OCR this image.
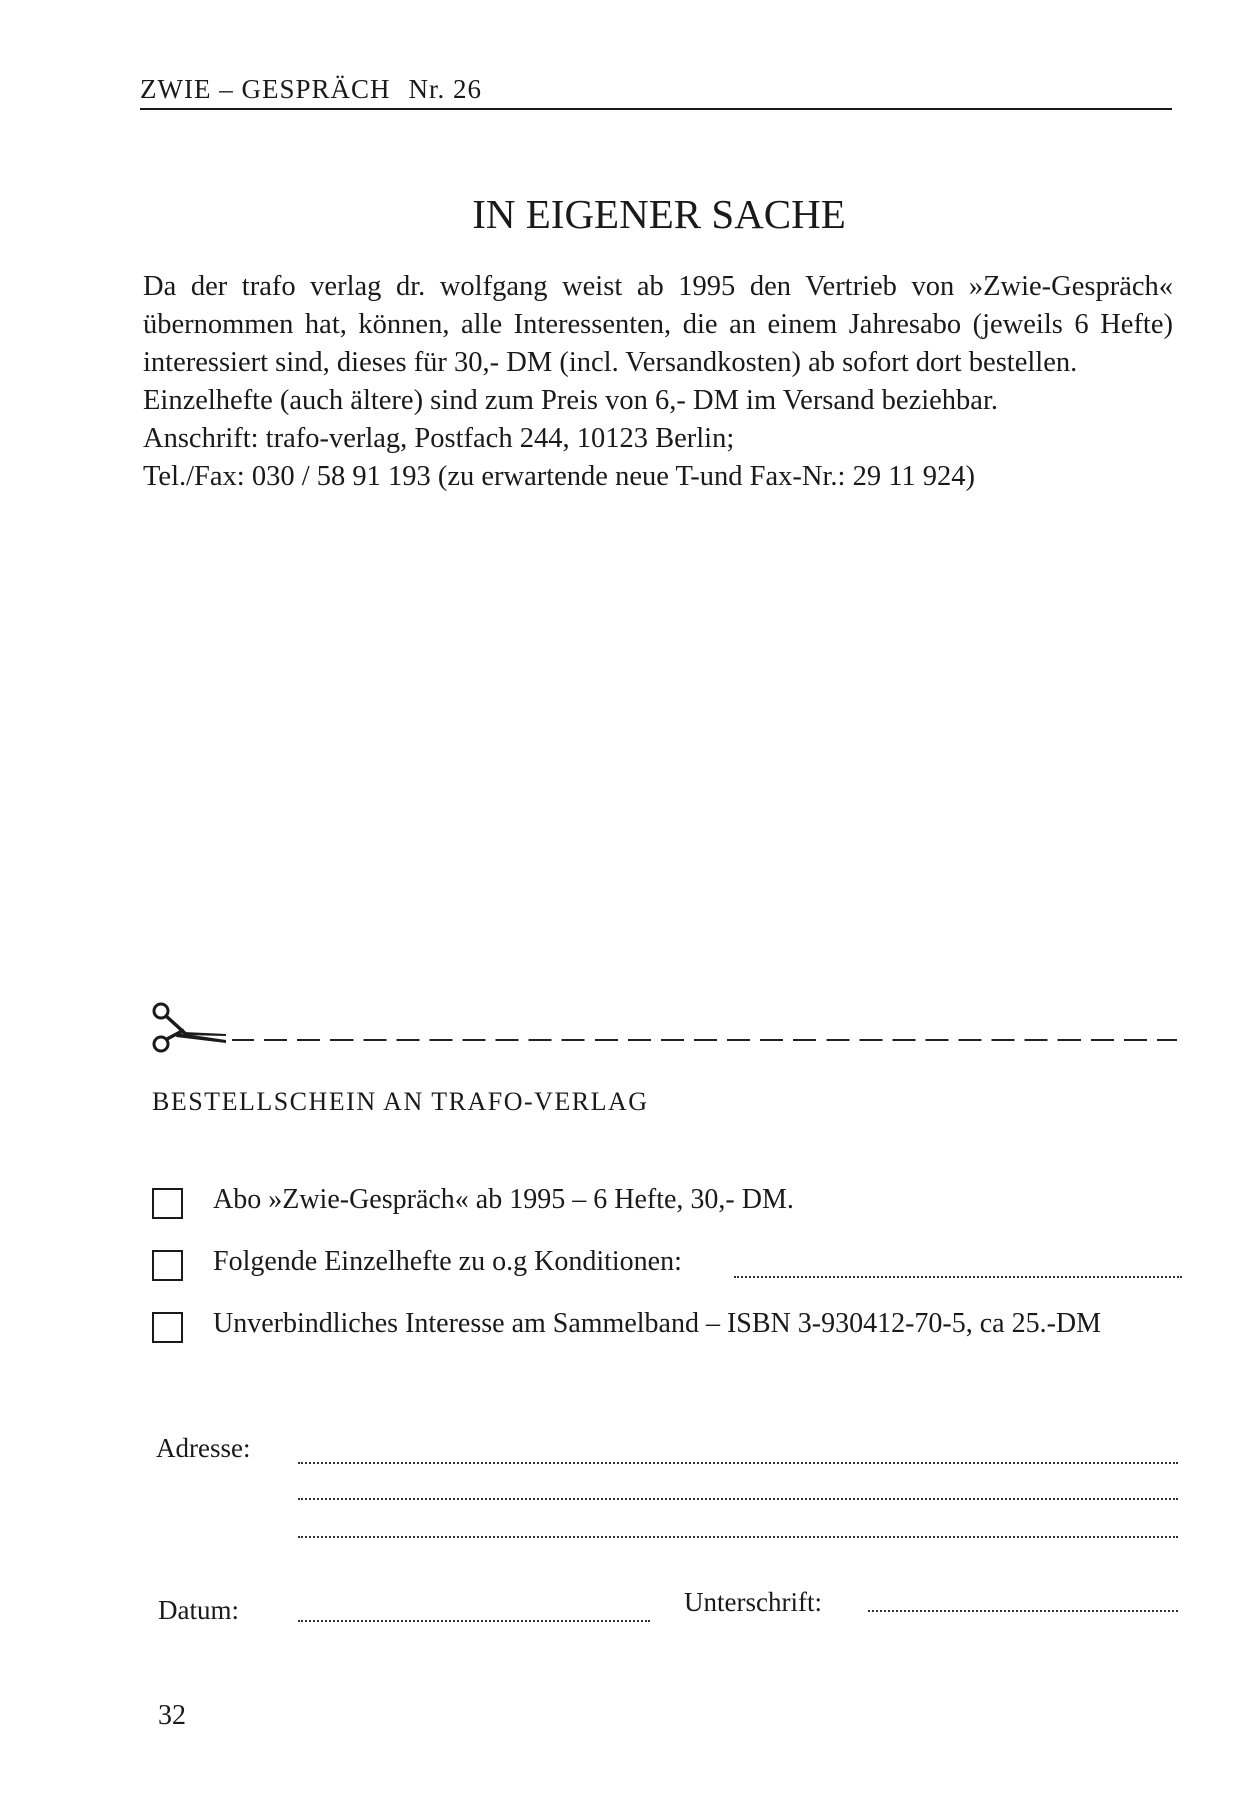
ZWIE – GESPRÄCH Nr. 26
IN EIGENER SACHE

Da der trafo verlag dr. wolfgang weist ab 1995 den Vertrieb von »Zwie-Gespräch« übernommen hat, können, alle Interessenten, die an einem Jahresabo (jeweils 6 Hefte) interessiert sind, dieses für 30,- DM (incl. Versandkosten) ab sofort dort bestellen.

Einzelhefte (auch ältere) sind zum Preis von 6,- DM im Versand beziehbar.

Anschrift: trafo-verlag, Postfach 244, 10123 Berlin;

Tel./Fax: 030 / 58 91 193 (zu erwartende neue T-und Fax-Nr.: 29 11 924)

BESTELLSCHEIN AN TRAFO-VERLAG
Abo »Zwie-Gespräch« ab 1995 – 6 Hefte, 30,- DM.
Folgende Einzelhefte zu o.g Konditionen:
Unverbindliches Interesse am Sammelband – ISBN 3-930412-70-5, ca 25.-DM
Adresse:
Datum:	Unterschrift:
32
